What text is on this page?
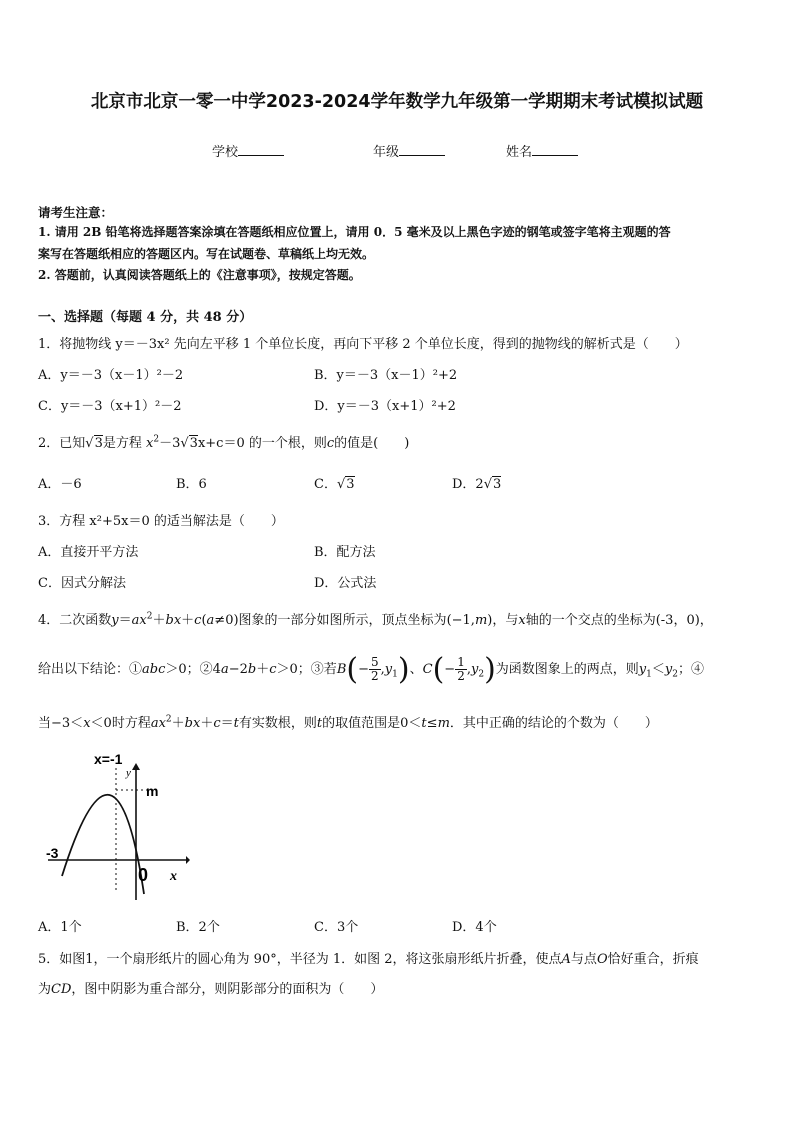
北京市北京一零一中学2023-2024学年数学九年级第一学期期末考试模拟试题
学校	年级	姓名
请考生注意：
1. 请用 2B 铅笔将选择题答案涂填在答题纸相应位置上，请用 0．5 毫米及以上黑色字迹的钢笔或签字笔将主观题的答
案写在答题纸相应的答题区内。写在试题卷、草稿纸上均无效。
2. 答题前，认真阅读答题纸上的《注意事项》，按规定答题。
一、选择题（每题 4 分，共 48 分）
1．将抛物线 y＝－3x² 先向左平移 1 个单位长度，再向下平移 2 个单位长度，得到的抛物线的解析式是（　　）
A．y＝－3（x－1）²－2	B．y＝－3（x－1）²+2
C．y＝－3（x+1）²－2	D．y＝－3（x+1）²+2
2．已知√3是方程 $x^2-3√3x+c=0$ 的一个根，则c的值是(　　)
A．－6	B．6	C．√3	D．2√3
3．方程 x²+5x＝0 的适当解法是（　　）
A．直接开平方法	B．配方法
C．因式分解法	D．公式法
4．二次函数$y=ax^2+bx+c(a\ne 0)$图象的一部分如图所示，顶点坐标为(−1,m)，与x轴的一个交点的坐标为(-3，0)，
给出以下结论：①abc＞0；②4a−2b＋c＞0；③若$B(- \frac{5}{2} ,y_1)$、$C(- \frac{1}{2} ,y_2)$为函数图象上的两点，则$y_1<y_2$；④
当−3＜x＜0时方程$ax^2+bx+c=t$有实数根，则t的取值范围是0＜t≤m．其中正确的结论的个数为（　　）
x=-1
y
m
-3
0 x
A．1个	B．2个	C．3个	D．4个
5．如图1，一个扇形纸片的圆心角为 90°，半径为 1．如图 2，将这张扇形纸片折叠，使点A与点O恰好重合，折痕
为CD，图中阴影为重合部分，则阴影部分的面积为（　　）
